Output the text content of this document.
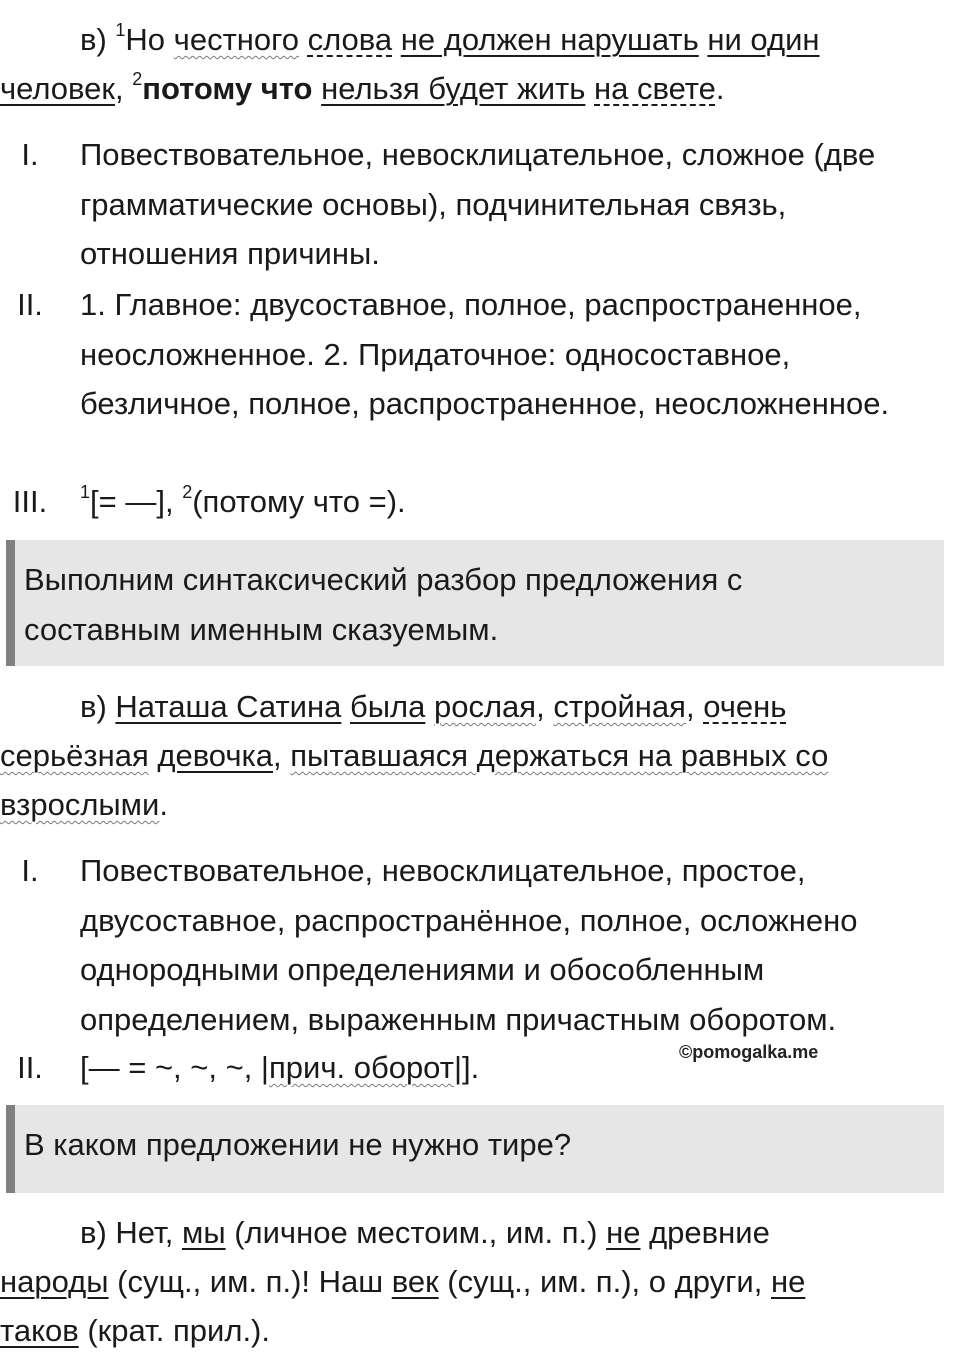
в) $^1$Но честного слова не должен нарушать ни один
человек, $^2$потому что нельзя будет жить на свете.
I.	Повествовательное, невосклицательное, сложное (две грамматические основы), подчинительная связь, отношения причины.
II.	1. Главное: двусоставное, полное, распространенное, неосложненное. 2. Придаточное: односоставное, безличное, полное, распространенное, неосложненное.
III.	$^1$[= —], $^2$(потому что =).
Выполним синтаксический разбор предложения с составным именным сказуемым.
в) Наташа Сатина была рослая, стройная, очень
серьёзная девочка, пытавшаяся держаться на равных со
взрослыми.
I.	Повествовательное, невосклицательное, простое, двусоставное, распространённое, полное, осложнено однородными определениями и обособленным определением, выраженным причастным оборотом.
II.	[— = ~, ~, ~, |прич. оборот|].	©pomogalka.me
В каком предложении не нужно тире?
в) Нет, мы (личное местоим., им. п.) не древние
народы (сущ., им. п.)! Наш век (сущ., им. п.), о други, не
таков (крат. прил.).
